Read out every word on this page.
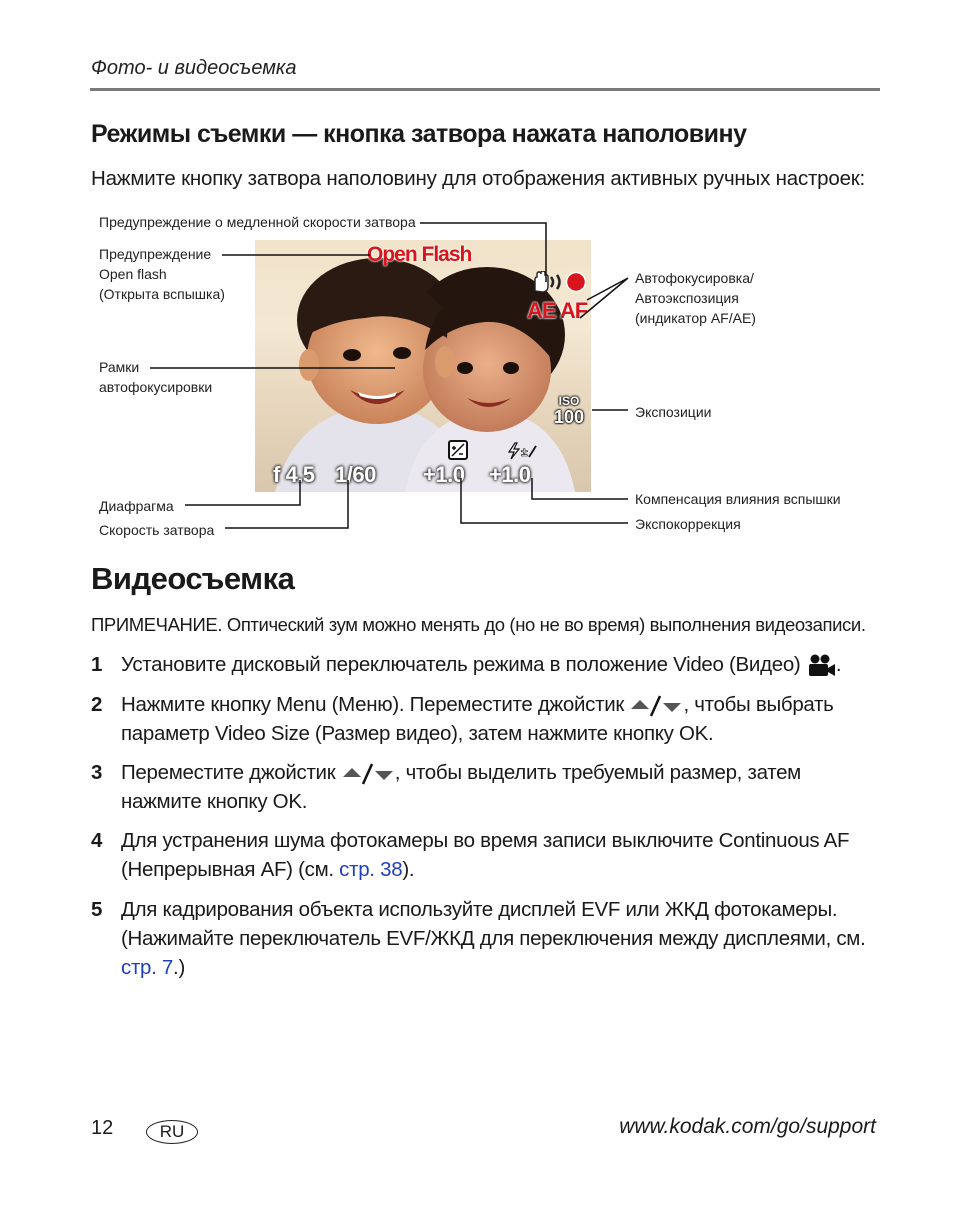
Фото- и видеосъемка
Режимы съемки — кнопка затвора нажата наполовину
Нажмите кнопку затвора наполовину для отображения активных ручных настроек:
Предупреждение о медленной скорости затвора
Предупреждение
Open flash
(Открыта вспышка)
Рамки
автофокусировки
Диафрагма
Скорость затвора
Автофокусировка/
Автоэкспозиция
(индикатор AF/AE)
Экспозиции
Компенсация влияния вспышки
Экспокоррекция
Open Flash
AE AF
ISO
100
±
f 4.5 1/60 +1.0 +1.0
Видеосъемка
ПРИМЕЧАНИЕ. Оптический зум можно менять до (но не во время) выполнения видеозаписи.
1 Установите дисковый переключатель режима в положение Video (Видео) .
2 Нажмите кнопку Menu (Меню). Переместите джойстик	, чтобы выбрать параметр Video Size (Размер видео), затем нажмите кнопку OK.
3 Переместите джойстик	, чтобы выделить требуемый размер, затем нажмите кнопку OK.
4 Для устранения шума фотокамеры во время записи выключите Continuous AF (Непрерывная AF) (см. стр. 38).
5 Для кадрирования объекта используйте дисплей EVF или ЖКД фотокамеры. (Нажимайте переключатель EVF/ЖКД для переключения между дисплеями, см. стр. 7.)
12	RU	www.kodak.com/go/support
